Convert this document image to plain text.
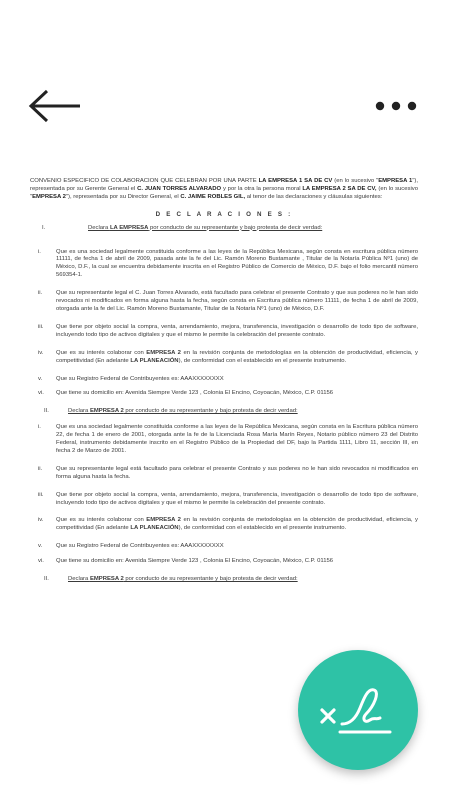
CONVENIO ESPECÍFICO DE COLABORACIÓN QUE CELEBRAN POR UNA PARTE LA EMPRESA 1 SA DE CV (en lo sucesivo "EMPRESA 1"), representada por su Gerente General el C. JUAN TORRES ALVARADO y por la otra la persona moral LA EMPRESA 2 SA DE CV, (en lo sucesivo "EMPRESA 2"), representada por su Director General, el C. JAIME ROBLES GIL, al tenor de las declaraciones y cláusulas siguientes:

D E C L A R A C I O N E S :
I.	Declara LA EMPRESA por conducto de su representante y bajo protesta de decir verdad:
i.	Que es una sociedad legalmente constituida conforme a las leyes de la República Mexicana, según consta en escritura pública número 11111, de fecha 1 de abril de 2009, pasada ante la fe del Lic. Ramón Moreno Bustamante , Titular de la Notaría Pública Nº1 (uno) de México, D.F., la cual se encuentra debidamente inscrita en el Registro Público de Comercio de México, D.F. bajo el folio mercantil número 569354-1.
ii.	Que su representante legal el C. Juan Torres Alvarado, está facultado para celebrar el presente Contrato y que sus poderes no le han sido revocados ni modificados en forma alguna hasta la fecha, según consta en Escritura pública número 11111, de fecha 1 de abril de 2009, otorgada ante la fe del Lic. Ramón Moreno Bustamante, Titular de la Notaría Nº1 (uno) de México, D.F.
iii.	Que tiene por objeto social la compra, venta, arrendamiento, mejora, transferencia, investigación o desarrollo de todo tipo de software, incluyendo todo tipo de activos digitales y que el mismo le permite la celebración del presente contrato.
iv.	Que es su interés colaborar con EMPRESA 2 en la revisión conjunta de metodologías en la obtención de productividad, eficiencia, y competitividad (En adelante LA PLANEACIÓN), de conformidad con el establecido en el presente instrumento.
v.	Que su Registro Federal de Contribuyentes es: AAAXXXXXXXX
vi.	Que tiene su domicilio en: Avenida Siempre Verde 123 , Colonia El Encino, Coyoacán, México, C.P. 01156
II.	Declara EMPRESA 2 por conducto de su representante y bajo protesta de decir verdad:
i.	Que es una sociedad legalmente constituida conforme a las leyes de la República Mexicana, según consta en la Escritura pública número 22, de fecha 1 de enero de 2001, otorgada ante la fe de la Licenciada Rosa María Marín Reyes, Notario público número 23 del Distrito Federal, instrumento debidamente inscrito en el Registro Público de la Propiedad del DF, bajo la Partida 1111, Libro 11, sección III, en fecha 2 de Marzo de 2001.
ii.	Que su representante legal está facultado para celebrar el presente Contrato y sus poderes no le han sido revocados ni modificados en forma alguna hasta la fecha.
iii.	Que tiene por objeto social la compra, venta, arrendamiento, mejora, transferencia, investigación o desarrollo de todo tipo de software, incluyendo todo tipo de activos digitales y que el mismo le permite la celebración del presente contrato.
iv.	Que es su interés colaborar con EMPRESA 2 en la revisión conjunta de metodologías en la obtención de productividad, eficiencia, y competitividad (En adelante LA PLANEACIÓN), de conformidad con el establecido en el presente instrumento.
v.	Que su Registro Federal de Contribuyentes es: AAAXXXXXXXX
vi.	Que tiene su domicilio en: Avenida Siempre Verde 123 , Colonia El Encino, Coyoacán, México, C.P. 01156
II.	Declara EMPRESA 2 por conducto de su representante y bajo protesta de decir verdad:
